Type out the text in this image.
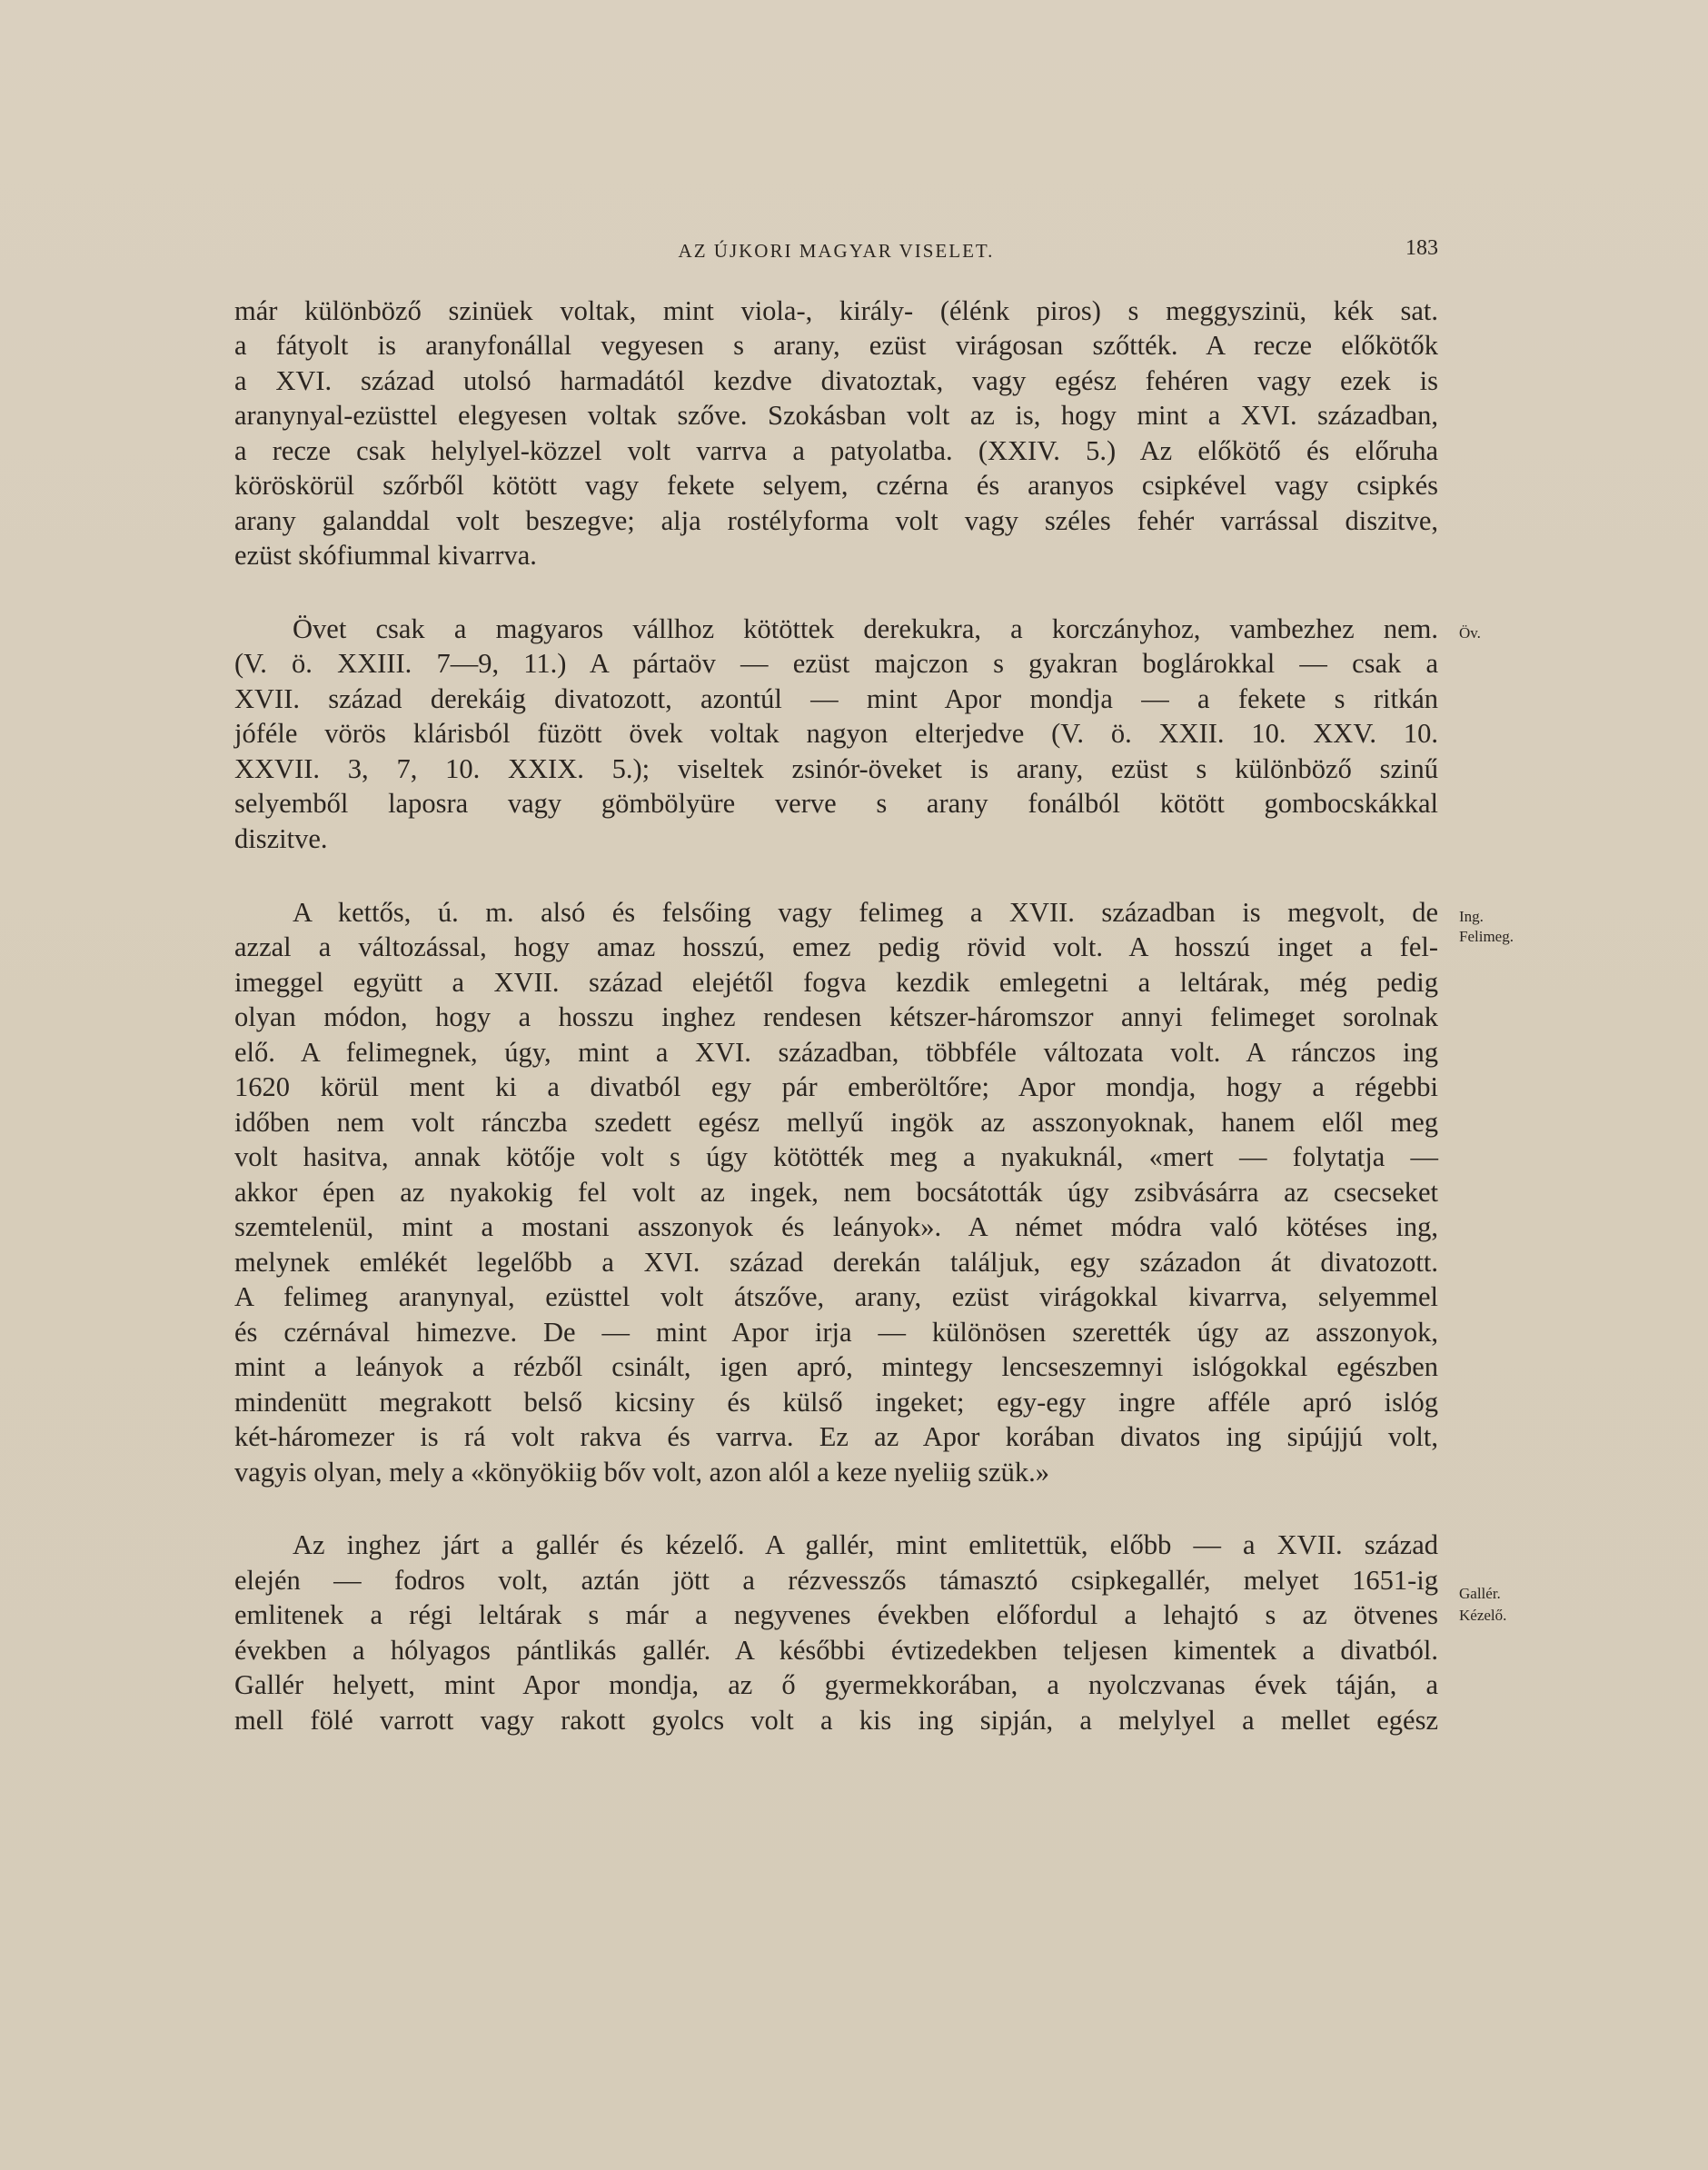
AZ ÚJKORI MAGYAR VISELET.	183
már különböző szinüek voltak, mint viola-, király- (élénk piros) s meggyszinü, kék sat.
a fátyolt is aranyfonállal vegyesen s arany, ezüst virágosan szőtték. A recze előkötők
a XVI. század utolsó harmadától kezdve divatoztak, vagy egész fehéren vagy ezek is
aranynyal-ezüsttel elegyesen voltak szőve. Szokásban volt az is, hogy mint a XVI. században,
a recze csak helylyel-közzel volt varrva a patyolatba. (XXIV. 5.) Az előkötő és előruha
köröskörül szőrből kötött vagy fekete selyem, czérna és aranyos csipkével vagy csipkés
arany galanddal volt beszegve; alja rostélyforma volt vagy széles fehér varrással diszitve,
ezüst skófiummal kivarrva.
Övet csak a magyaros vállhoz kötöttek derekukra, a korczányhoz, vambezhez nem.
(V. ö. XXIII. 7—9, 11.) A pártaöv — ezüst majczon s gyakran boglárokkal — csak a
XVII. század derekáig divatozott, azontúl — mint Apor mondja — a fekete s ritkán
jóféle vörös klárisból füzött övek voltak nagyon elterjedve (V. ö. XXII. 10. XXV. 10.
XXVII. 3, 7, 10. XXIX. 5.); viseltek zsinór-öveket is arany, ezüst s különböző szinű
selyemből laposra vagy gömbölyüre verve s arany fonálból kötött gombocskákkal
diszitve.
A kettős, ú. m. alsó és felsőing vagy felimeg a XVII. században is megvolt, de
azzal a változással, hogy amaz hosszú, emez pedig rövid volt. A hosszú inget a fel-
imeggel együtt a XVII. század elejétől fogva kezdik emlegetni a leltárak, még pedig
olyan módon, hogy a hosszu inghez rendesen kétszer-háromszor annyi felimeget sorolnak
elő. A felimegnek, úgy, mint a XVI. században, többféle változata volt. A ránczos ing
1620 körül ment ki a divatból egy pár emberöltőre; Apor mondja, hogy a régebbi
időben nem volt ránczba szedett egész mellyű ingök az asszonyoknak, hanem elől meg
volt hasitva, annak kötője volt s úgy kötötték meg a nyakuknál, «mert — folytatja —
akkor épen az nyakokig fel volt az ingek, nem bocsátották úgy zsibvásárra az csecseket
szemtelenül, mint a mostani asszonyok és leányok». A német módra való kötéses ing,
melynek emlékét legelőbb a XVI. század derekán találjuk, egy századon át divatozott.
A felimeg aranynyal, ezüsttel volt átszőve, arany, ezüst virágokkal kivarrva, selyemmel
és czérnával himezve. De — mint Apor irja — különösen szerették úgy az asszonyok,
mint a leányok a rézből csinált, igen apró, mintegy lencseszemnyi islógokkal egészben
mindenütt megrakott belső kicsiny és külső ingeket; egy-egy ingre afféle apró islóg
két-háromezer is rá volt rakva és varrva. Ez az Apor korában divatos ing sipújjú volt,
vagyis olyan, mely a «könyökiig bőv volt, azon alól a keze nyeliig szük.»
Az inghez járt a gallér és kézelő. A gallér, mint emlitettük, előbb — a XVII. század
elején — fodros volt, aztán jött a rézvesszős támasztó csipkegallér, melyet 1651-ig
emlitenek a régi leltárak s már a negyvenes években előfordul a lehajtó s az ötvenes
években a hólyagos pántlikás gallér. A későbbi évtizedekben teljesen kimentek a divatból.
Gallér helyett, mint Apor mondja, az ő gyermekkorában, a nyolczvanas évek táján, a
mell fölé varrott vagy rakott gyolcs volt a kis ing sipján, a melylyel a mellet egész
Öv.
Ing.
Felimeg.
Gallér.
Kézelő.
